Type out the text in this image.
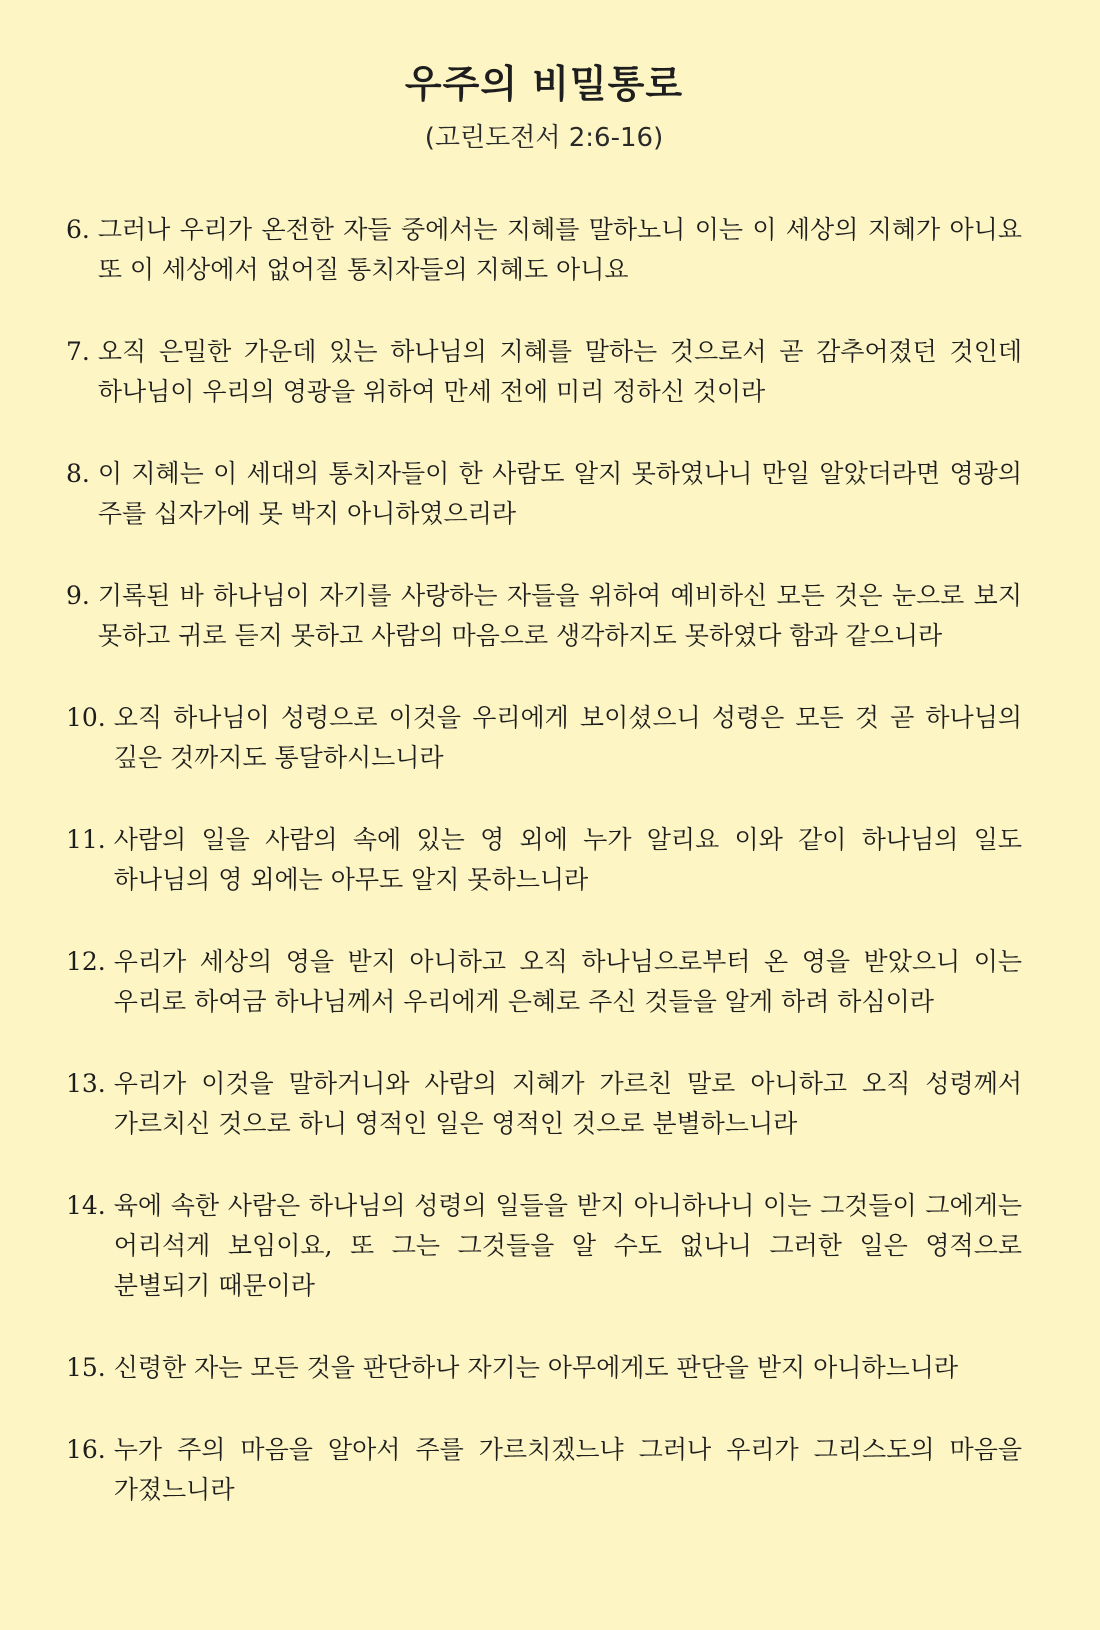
우주의 비밀통로
(고린도전서 2:6-16)
6.
그러나 우리가 온전한 자들 중에서는 지혜를 말하노니 이는 이 세상의 지혜가 아니요 또 이 세상에서 없어질 통치자들의 지혜도 아니요
7.
오직 은밀한 가운데 있는 하나님의 지혜를 말하는 것으로서 곧 감추어졌던 것인데 하나님이 우리의 영광을 위하여 만세 전에 미리 정하신 것이라
8.
이 지혜는 이 세대의 통치자들이 한 사람도 알지 못하였나니 만일 알았더라면 영광의 주를 십자가에 못 박지 아니하였으리라
9.
기록된 바 하나님이 자기를 사랑하는 자들을 위하여 예비하신 모든 것은 눈으로 보지 못하고 귀로 듣지 못하고 사람의 마음으로 생각하지도 못하였다 함과 같으니라
10.
오직 하나님이 성령으로 이것을 우리에게 보이셨으니 성령은 모든 것 곧 하나님의 깊은 것까지도 통달하시느니라
11.
사람의 일을 사람의 속에 있는 영 외에 누가 알리요 이와 같이 하나님의 일도 하나님의 영 외에는 아무도 알지 못하느니라
12.
우리가 세상의 영을 받지 아니하고 오직 하나님으로부터 온 영을 받았으니 이는 우리로 하여금 하나님께서 우리에게 은혜로 주신 것들을 알게 하려 하심이라
13.
우리가 이것을 말하거니와 사람의 지혜가 가르친 말로 아니하고 오직 성령께서 가르치신 것으로 하니 영적인 일은 영적인 것으로 분별하느니라
14.
육에 속한 사람은 하나님의 성령의 일들을 받지 아니하나니 이는 그것들이 그에게는 어리석게 보임이요, 또 그는 그것들을 알 수도 없나니 그러한 일은 영적으로 분별되기 때문이라
15.
신령한 자는 모든 것을 판단하나 자기는 아무에게도 판단을 받지 아니하느니라
16.
누가 주의 마음을 알아서 주를 가르치겠느냐 그러나 우리가 그리스도의 마음을 가졌느니라
